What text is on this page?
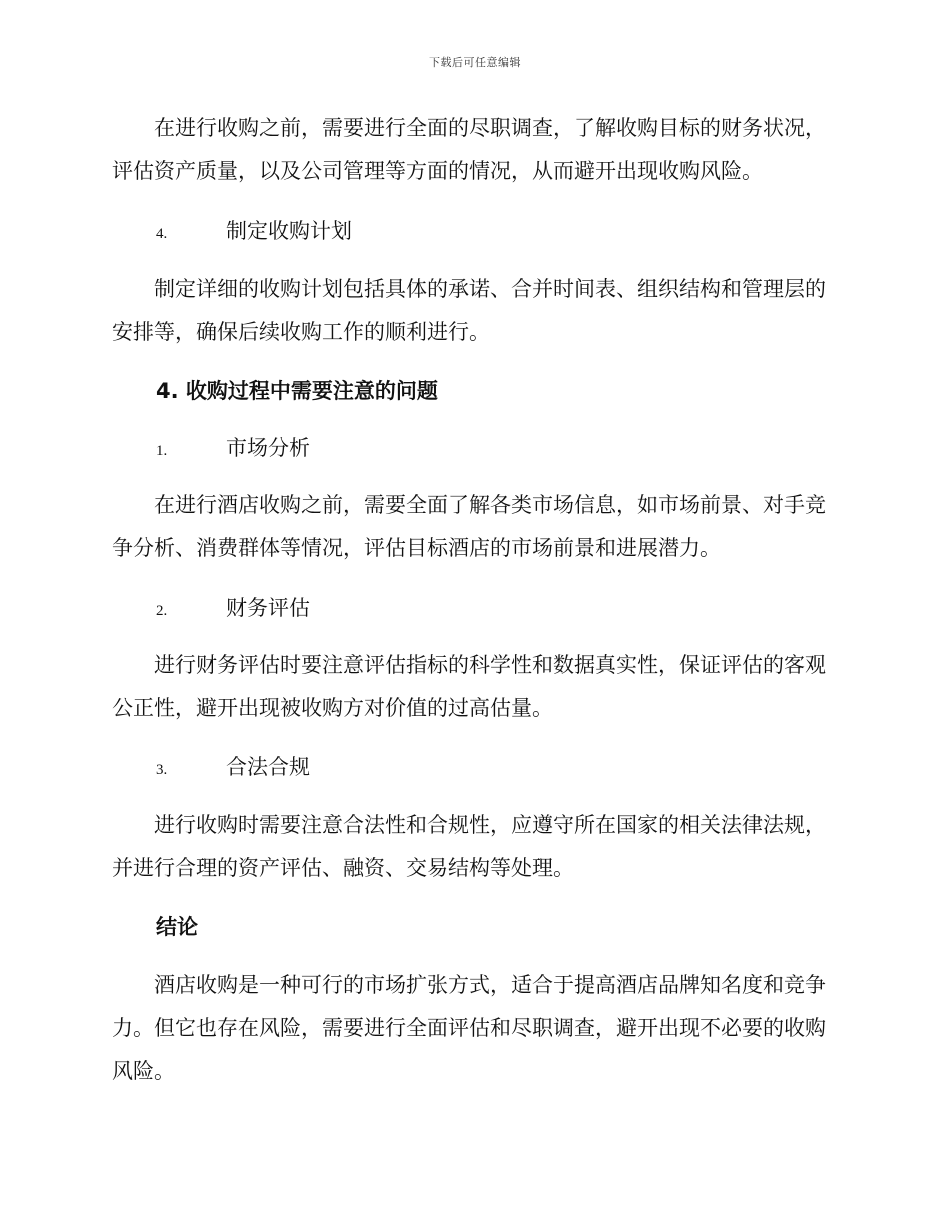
下载后可任意编辑

在进行收购之前，需要进行全面的尽职调查，了解收购目标的财务状况，评估资产质量，以及公司管理等方面的情况，从而避开出现收购风险。

4.	制定收购计划

制定详细的收购计划包括具体的承诺、合并时间表、组织结构和管理层的安排等，确保后续收购工作的顺利进行。

4. 收购过程中需要注意的问题

1.	市场分析

在进行酒店收购之前，需要全面了解各类市场信息，如市场前景、对手竞争分析、消费群体等情况，评估目标酒店的市场前景和进展潜力。

2.	财务评估

进行财务评估时要注意评估指标的科学性和数据真实性，保证评估的客观公正性，避开出现被收购方对价值的过高估量。

3.	合法合规

进行收购时需要注意合法性和合规性，应遵守所在国家的相关法律法规，并进行合理的资产评估、融资、交易结构等处理。

结论

酒店收购是一种可行的市场扩张方式，适合于提高酒店品牌知名度和竞争力。但它也存在风险，需要进行全面评估和尽职调查，避开出现不必要的收购风险。
